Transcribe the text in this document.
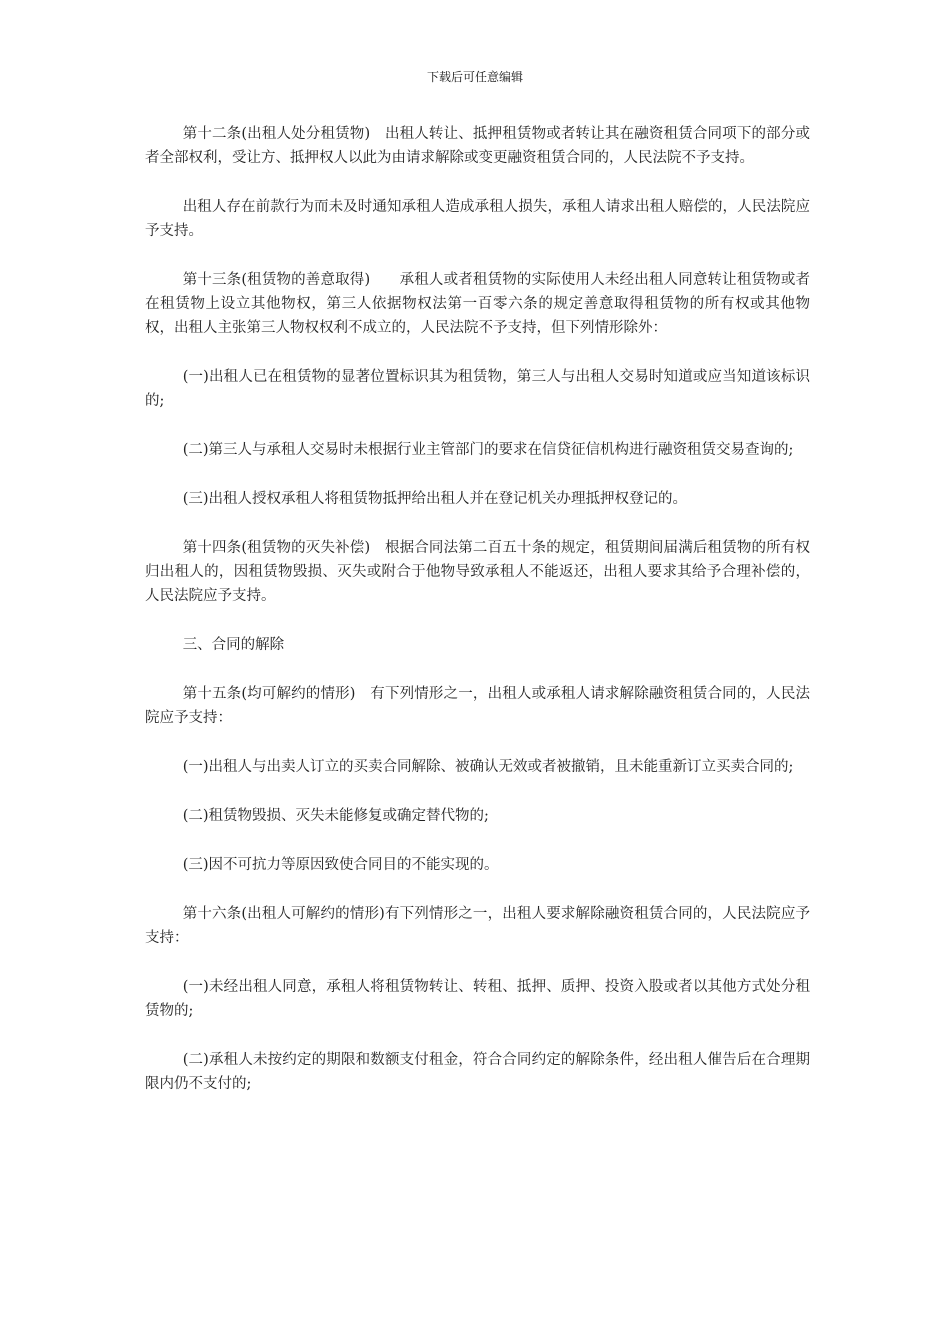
下载后可任意编辑

第十二条(出租人处分租赁物)　出租人转让、抵押租赁物或者转让其在融资租赁合同项下的部分或者全部权利，受让方、抵押权人以此为由请求解除或变更融资租赁合同的，人民法院不予支持。

出租人存在前款行为而未及时通知承租人造成承租人损失，承租人请求出租人赔偿的，人民法院应予支持。

第十三条(租赁物的善意取得)　　承租人或者租赁物的实际使用人未经出租人同意转让租赁物或者在租赁物上设立其他物权，第三人依据物权法第一百零六条的规定善意取得租赁物的所有权或其他物权，出租人主张第三人物权权利不成立的，人民法院不予支持，但下列情形除外：

(一)出租人已在租赁物的显著位置标识其为租赁物，第三人与出租人交易时知道或应当知道该标识的;

(二)第三人与承租人交易时未根据行业主管部门的要求在信贷征信机构进行融资租赁交易查询的;

(三)出租人授权承租人将租赁物抵押给出租人并在登记机关办理抵押权登记的。

第十四条(租赁物的灭失补偿)　根据合同法第二百五十条的规定，租赁期间届满后租赁物的所有权归出租人的，因租赁物毁损、灭失或附合于他物导致承租人不能返还，出租人要求其给予合理补偿的，人民法院应予支持。

三、合同的解除

第十五条(均可解约的情形)　有下列情形之一，出租人或承租人请求解除融资租赁合同的，人民法院应予支持：

(一)出租人与出卖人订立的买卖合同解除、被确认无效或者被撤销，且未能重新订立买卖合同的;

(二)租赁物毁损、灭失未能修复或确定替代物的;

(三)因不可抗力等原因致使合同目的不能实现的。

第十六条(出租人可解约的情形)有下列情形之一，出租人要求解除融资租赁合同的，人民法院应予支持：

(一)未经出租人同意，承租人将租赁物转让、转租、抵押、质押、投资入股或者以其他方式处分租赁物的;

(二)承租人未按约定的期限和数额支付租金，符合合同约定的解除条件，经出租人催告后在合理期限内仍不支付的;
